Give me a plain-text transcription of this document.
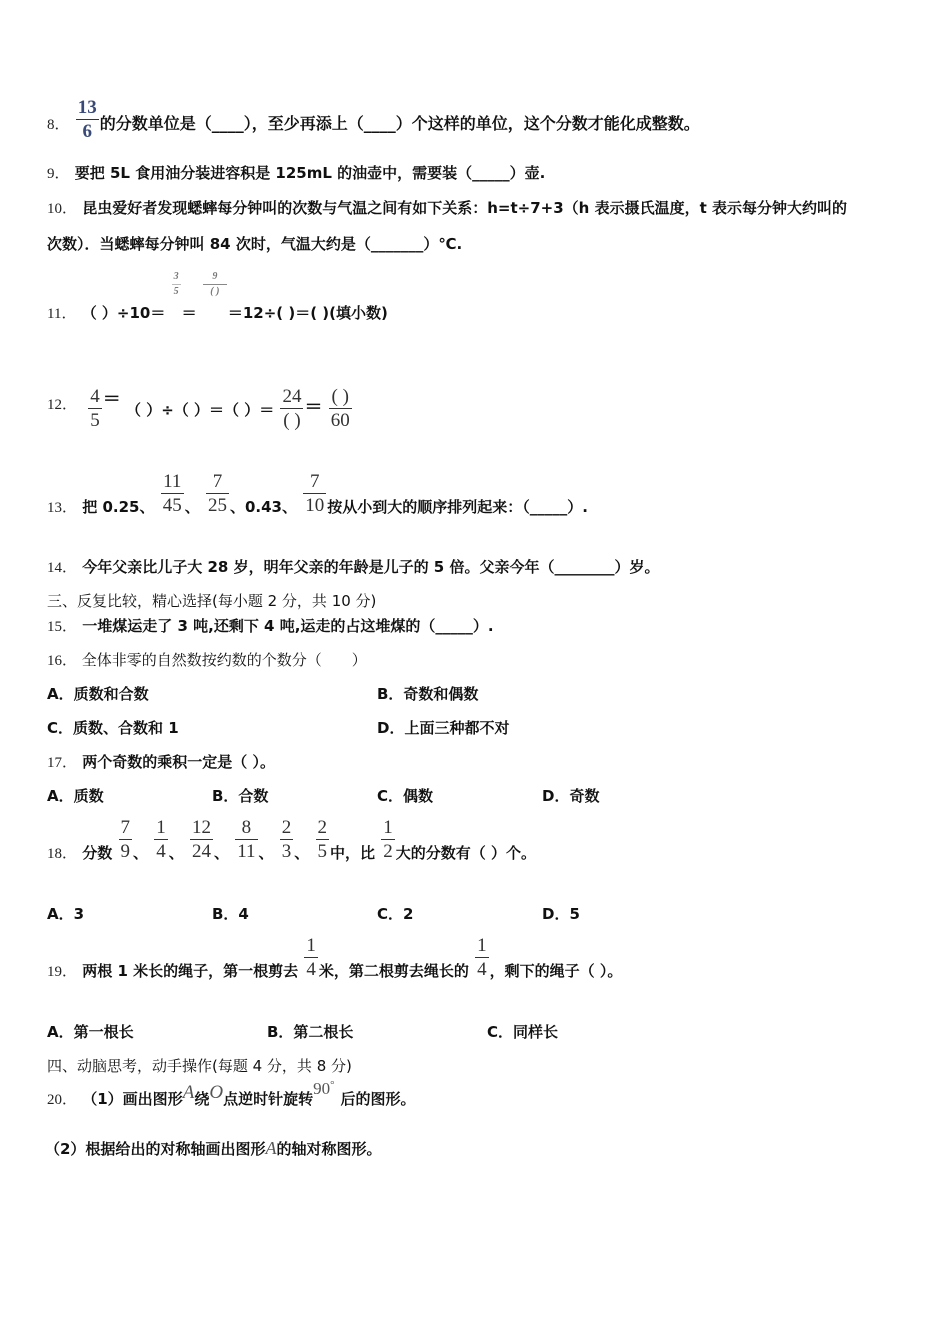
8． $\frac{13}{6}$ 的分数单位是（____），至少再添上（____）个这样的单位，这个分数才能化成整数。
9． 要把 5L 食用油分装进容积是 125mL 的油壶中，需要装（_____）壶.
10． 昆虫爱好者发现蟋蟀每分钟叫的次数与气温之间有如下关系：h=t÷7+3（h 表示摄氏温度，t 表示每分钟大约叫的
次数）．当蟋蟀每分钟叫 84 次时，气温大约是（_______）℃.
11． （ ）÷10＝
$\frac{3}{5}$
＝
$\frac{9}{( )}$
＝12÷( )＝( )(填小数)
12． $\frac{4}{5}$ ＝ （ ）÷（ ）＝（ ）＝ $\frac{24}{( )} = \frac{( )}{60}$
13． 把 0.25、 $\frac{11}{45}$ 、 $\frac{7}{25}$ 、0.43、 $\frac{7}{10}$ 按从小到大的顺序排列起来：（_____）.
14． 今年父亲比儿子大 28 岁，明年父亲的年龄是儿子的 5 倍。父亲今年（________）岁。
三、反复比较，精心选择(每小题 2 分，共 10 分)
15． 一堆煤运走了 3 吨,还剩下 4 吨,运走的占这堆煤的（_____）.
16． 全体非零的自然数按约数的个数分（　　）
A．质数和合数	B．奇数和偶数
C．质数、合数和 1	D．上面三种都不对
17． 两个奇数的乘积一定是（ ）。
A．质数	B．合数	C．偶数	D．奇数
18． 分数 $\frac{7}{9}$ 、 $\frac{1}{4}$ 、 $\frac{12}{24}$ 、 $\frac{8}{11}$ 、 $\frac{2}{3}$ 、 $\frac{2}{5}$ 中，比 $\frac{1}{2}$ 大的分数有（ ）个。
A．3	B．4	C．2	D．5
19． 两根 1 米长的绳子，第一根剪去 $\frac{1}{4}$ 米，第二根剪去绳长的 $\frac{1}{4}$ ，剩下的绳子（ ）。
A．第一根长	B．第二根长	C．同样长
四、动脑思考，动手操作(每题 4 分，共 8 分)
20． （1）画出图形A绕O点逆时针旋转90°后的图形。
（2）根据给出的对称轴画出图形A的轴对称图形。
